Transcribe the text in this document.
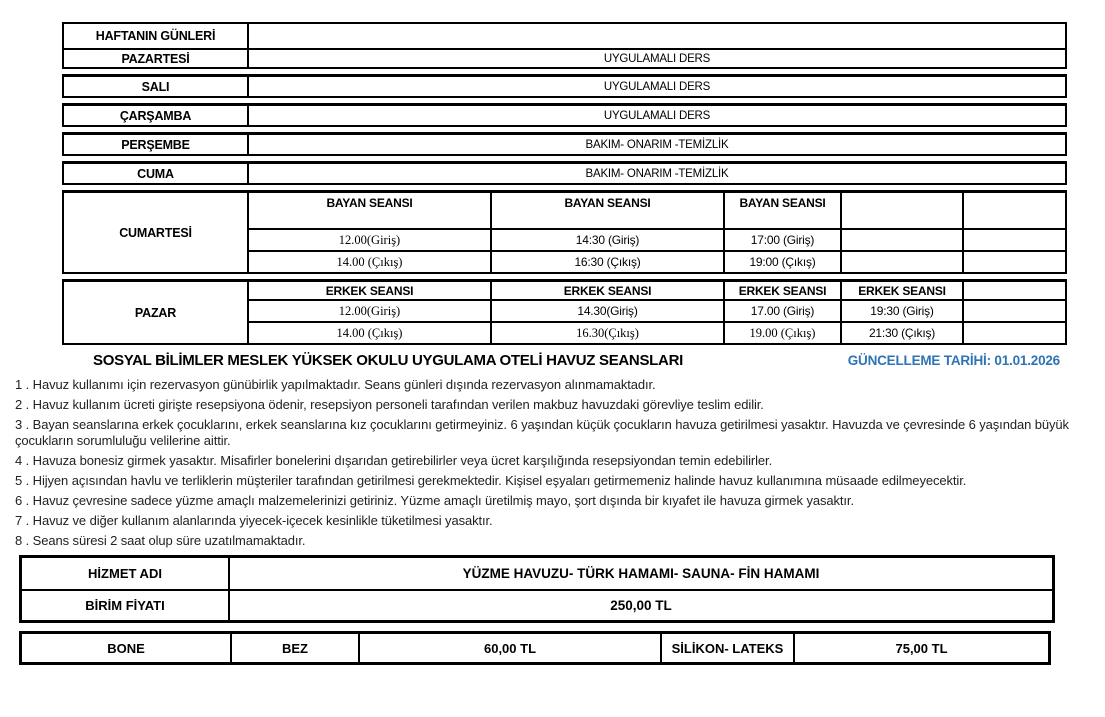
HAFTANIN GÜNLERİ
PAZARTESİ	UYGULAMALI DERS
SALI	UYGULAMALI DERS
ÇARŞAMBA	UYGULAMALI DERS
PERŞEMBE	BAKIM- ONARIM -TEMİZLİK
CUMA	BAKIM- ONARIM -TEMİZLİK
CUMARTESİ
BAYAN SEANSI	BAYAN SEANSI	BAYAN SEANSI
12.00(Giriş)	14:30 (Giriş)	17:00 (Giriş)
14.00 (Çıkış)	16:30 (Çıkış)	19:00 (Çıkış)
PAZAR
ERKEK SEANSI	ERKEK SEANSI	ERKEK SEANSI	ERKEK SEANSI
12.00(Giriş)	14.30(Giriş)	17.00 (Giriş)	19:30 (Giriş)
14.00 (Çıkış)	16.30(Çıkış)	19.00 (Çıkış)	21:30 (Çıkış)
SOSYAL BİLİMLER MESLEK YÜKSEK OKULU UYGULAMA OTELİ HAVUZ SEANSLARI	GÜNCELLEME TARİHİ: 01.01.2026
1 . Havuz kullanımı için rezervasyon günübirlik yapılmaktadır. Seans günleri dışında rezervasyon alınmamaktadır.
2 . Havuz kullanım ücreti girişte resepsiyona ödenir, resepsiyon personeli tarafından verilen makbuz havuzdaki görevliye teslim edilir.
3 . Bayan seanslarına erkek çocuklarını, erkek seanslarına kız çocuklarını getirmeyiniz. 6 yaşından küçük çocukların havuza getirilmesi yasaktır. Havuzda ve çevresinde 6 yaşından büyük çocukların sorumluluğu velilerine aittir.
4 . Havuza bonesiz girmek yasaktır. Misafirler bonelerini dışarıdan getirebilirler veya ücret karşılığında resepsiyondan temin edebilirler.
5 . Hijyen açısından havlu ve terliklerin müşteriler tarafından getirilmesi gerekmektedir. Kişisel eşyaları getirmemeniz halinde havuz kullanımına müsaade edilmeyecektir.
6 . Havuz çevresine sadece yüzme amaçlı malzemelerinizi getiriniz. Yüzme amaçlı üretilmiş mayo, şort dışında bir kıyafet ile havuza girmek yasaktır.
7 . Havuz ve diğer kullanım alanlarında yiyecek-içecek kesinlikle tüketilmesi yasaktır.
8 . Seans süresi 2 saat olup süre uzatılmamaktadır.
HİZMET ADI	YÜZME HAVUZU- TÜRK HAMAMI- SAUNA- FİN HAMAMI
BİRİM FİYATI	250,00 TL
BONE	BEZ	60,00 TL	SİLİKON- LATEKS	75,00 TL
